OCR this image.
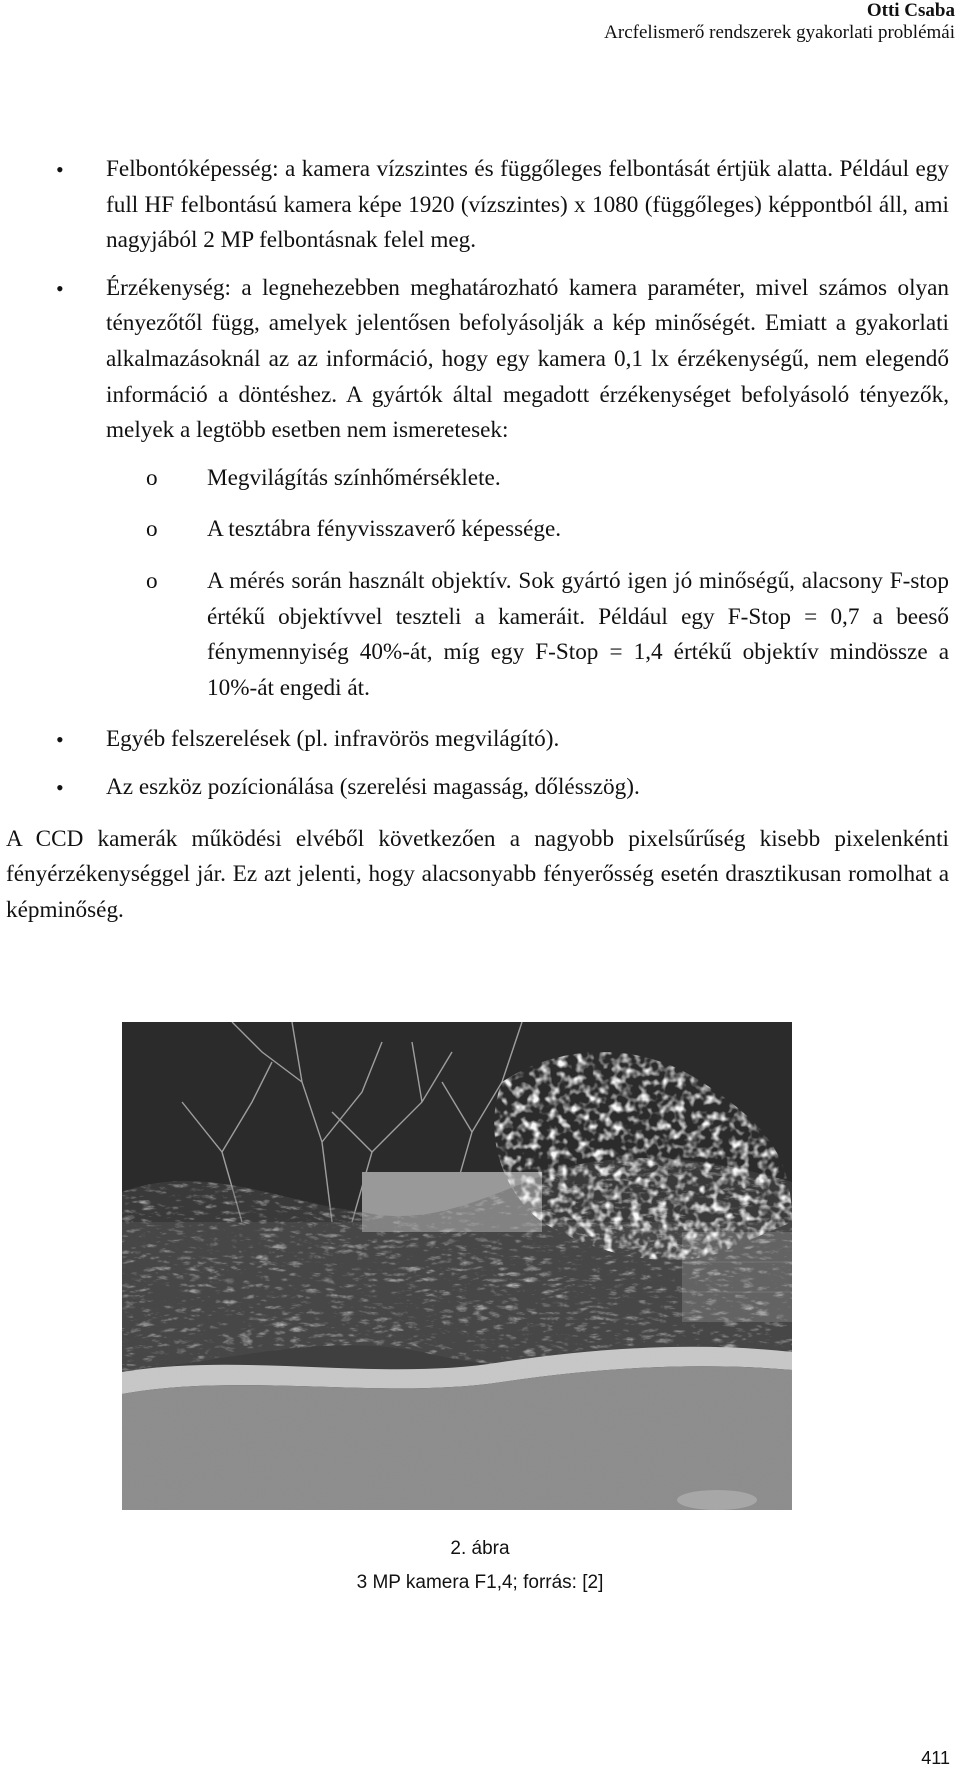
Otti Csaba
Arcfelismerő rendszerek gyakorlati problémái
• Felbontóképesség: a kamera vízszintes és függőleges felbontását értjük alatta. Például egy full HF felbontású kamera képe 1920 (vízszintes) x 1080 (függőleges) képpontból áll, ami nagyjából 2 MP felbontásnak felel meg.
• Érzékenység: a legnehezebben meghatározható kamera paraméter, mivel számos olyan tényezőtől függ, amelyek jelentősen befolyásolják a kép minőségét. Emiatt a gyakorlati alkalmazásoknál az az információ, hogy egy kamera 0,1 lx érzékenységű, nem elegendő információ a döntéshez. A gyártók által megadott érzékenységet befolyásoló tényezők, melyek a legtöbb esetben nem ismeretesek:
o Megvilágítás színhőmérséklete.
o A tesztábra fényvisszaverő képessége.
o A mérés során használt objektív. Sok gyártó igen jó minőségű, alacsony F-stop értékű objektívvel teszteli a kameráit. Például egy F-Stop = 0,7 a beeső fénymennyiség 40%-át, míg egy F-Stop = 1,4 értékű objektív mindössze a 10%-át engedi át.
• Egyéb felszerelések (pl. infravörös megvilágító).
• Az eszköz pozícionálása (szerelési magasság, dőlésszög).
A CCD kamerák működési elvéből következően a nagyobb pixelsűrűség kisebb pixelenkénti fényérzékenységgel jár. Ez azt jelenti, hogy alacsonyabb fényerősség esetén drasztikusan romolhat a képminőség.
2. ábra
3 MP kamera F1,4; forrás: [2]
411
